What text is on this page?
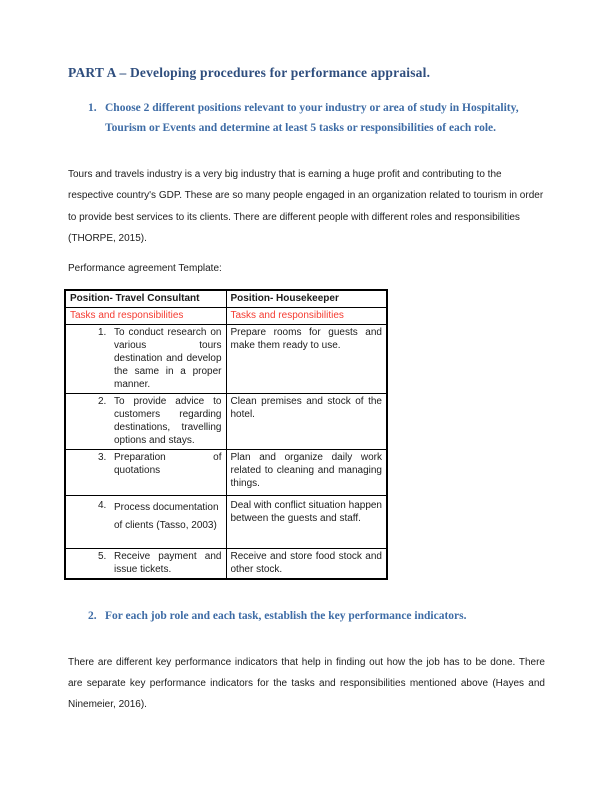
PART A – Developing procedures for performance appraisal.
1. Choose 2 different positions relevant to your industry or area of study in Hospitality, Tourism or Events and determine at least 5 tasks or responsibilities of each role.

Tours and travels industry is a very big industry that is earning a huge profit and contributing to the respective country's GDP. These are so many people engaged in an organization related to tourism in order to provide best services to its clients. There are different people with different roles and responsibilities (THORPE, 2015).

Performance agreement Template:

Position- Travel Consultant	Position- Housekeeper
Tasks and responsibilities	Tasks and responsibilities

1. To conduct research on various tours destination and develop the same in a proper manner.	Prepare rooms for guests and make them ready to use.

2. To provide advice to customers regarding destinations, travelling options and stays.	Clean premises and stock of the hotel.

3. Preparation of quotations	Plan and organize daily work related to cleaning and managing things.

4. Process documentation of clients (Tasso, 2003)	Deal with conflict situation happen between the guests and staff.

5. Receive payment and issue tickets.	Receive and store food stock and other stock.
2. For each job role and each task, establish the key performance indicators.

There are different key performance indicators that help in finding out how the job has to be done. There are separate key performance indicators for the tasks and responsibilities mentioned above (Hayes and Ninemeier, 2016).
